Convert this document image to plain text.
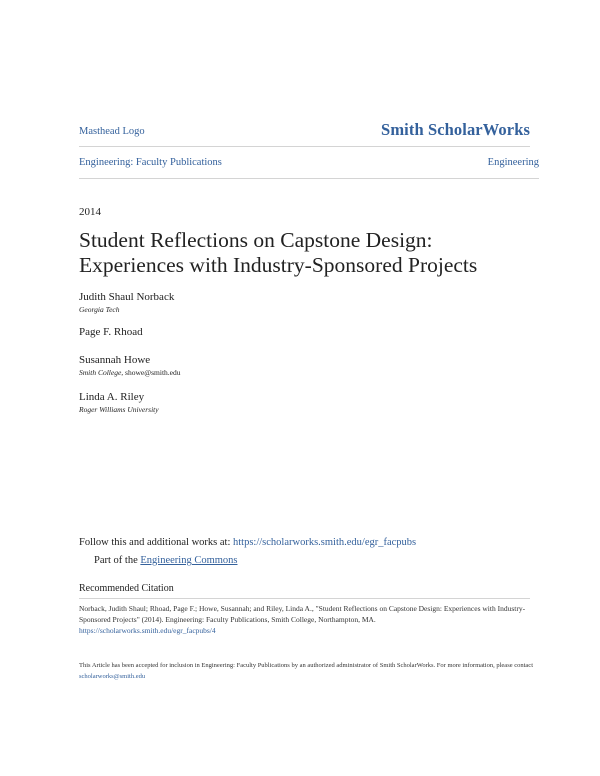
Masthead Logo	Smith ScholarWorks
Engineering: Faculty Publications	Engineering
2014
Student Reflections on Capstone Design:
Experiences with Industry-Sponsored Projects
Judith Shaul Norback
Georgia Tech
Page F. Rhoad
Susannah Howe
Smith College, showe@smith.edu
Linda A. Riley
Roger Williams University
Follow this and additional works at: https://scholarworks.smith.edu/egr_facpubs
Part of the Engineering Commons
Recommended Citation

Norback, Judith Shaul; Rhoad, Page F.; Howe, Susannah; and Riley, Linda A., "Student Reflections on Capstone Design: Experiences with Industry-Sponsored Projects" (2014). Engineering: Faculty Publications, Smith College, Northampton, MA.

https://scholarworks.smith.edu/egr_facpubs/4

This Article has been accepted for inclusion in Engineering: Faculty Publications by an authorized administrator of Smith ScholarWorks. For more information, please contact scholarworks@smith.edu
